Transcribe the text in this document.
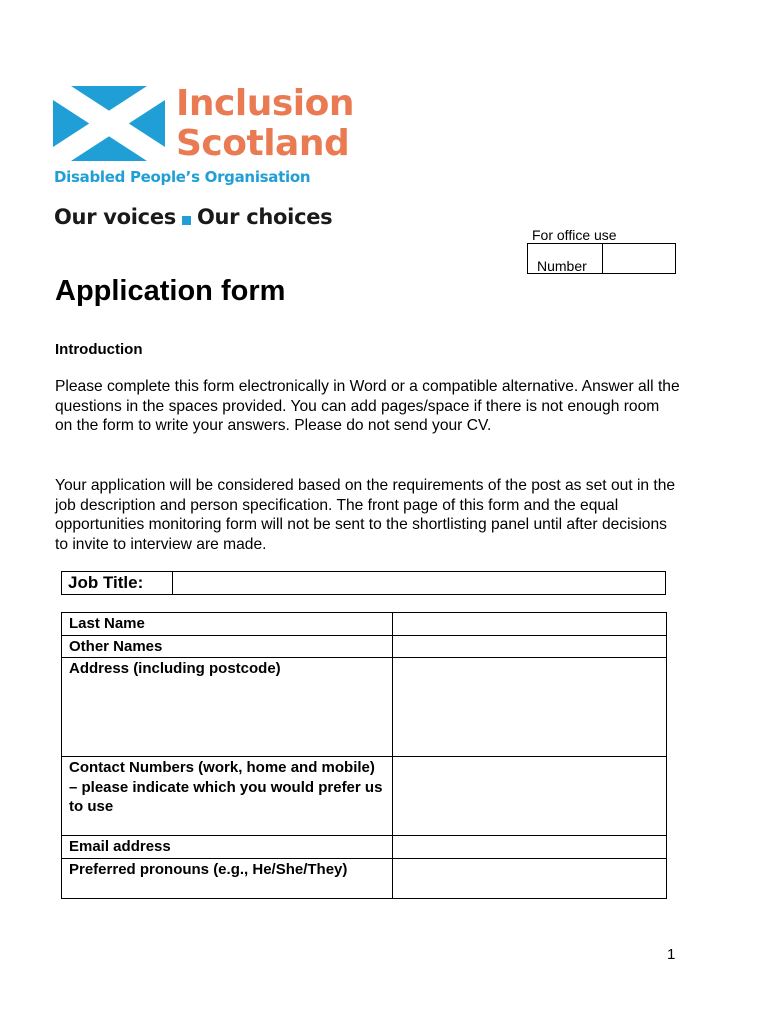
Inclusion
Scotland
Disabled People’s Organisation
Our voices Our choices
For office use
Number
Application form
Introduction
Please complete this form electronically in Word or a compatible alternative. Answer all the questions in the spaces provided. You can add pages/space if there is not enough room on the form to write your answers. Please do not send your CV.
Your application will be considered based on the requirements of the post as set out in the job description and person specification. The front page of this form and the equal opportunities monitoring form will not be sent to the shortlisting panel until after decisions to invite to interview are made.
Job Title:
Last Name	
Other Names	
Address (including postcode)	
Contact Numbers (work, home and mobile) – please indicate which you would prefer us to use	
Email address	
Preferred pronouns (e.g., He/She/They)	
1
